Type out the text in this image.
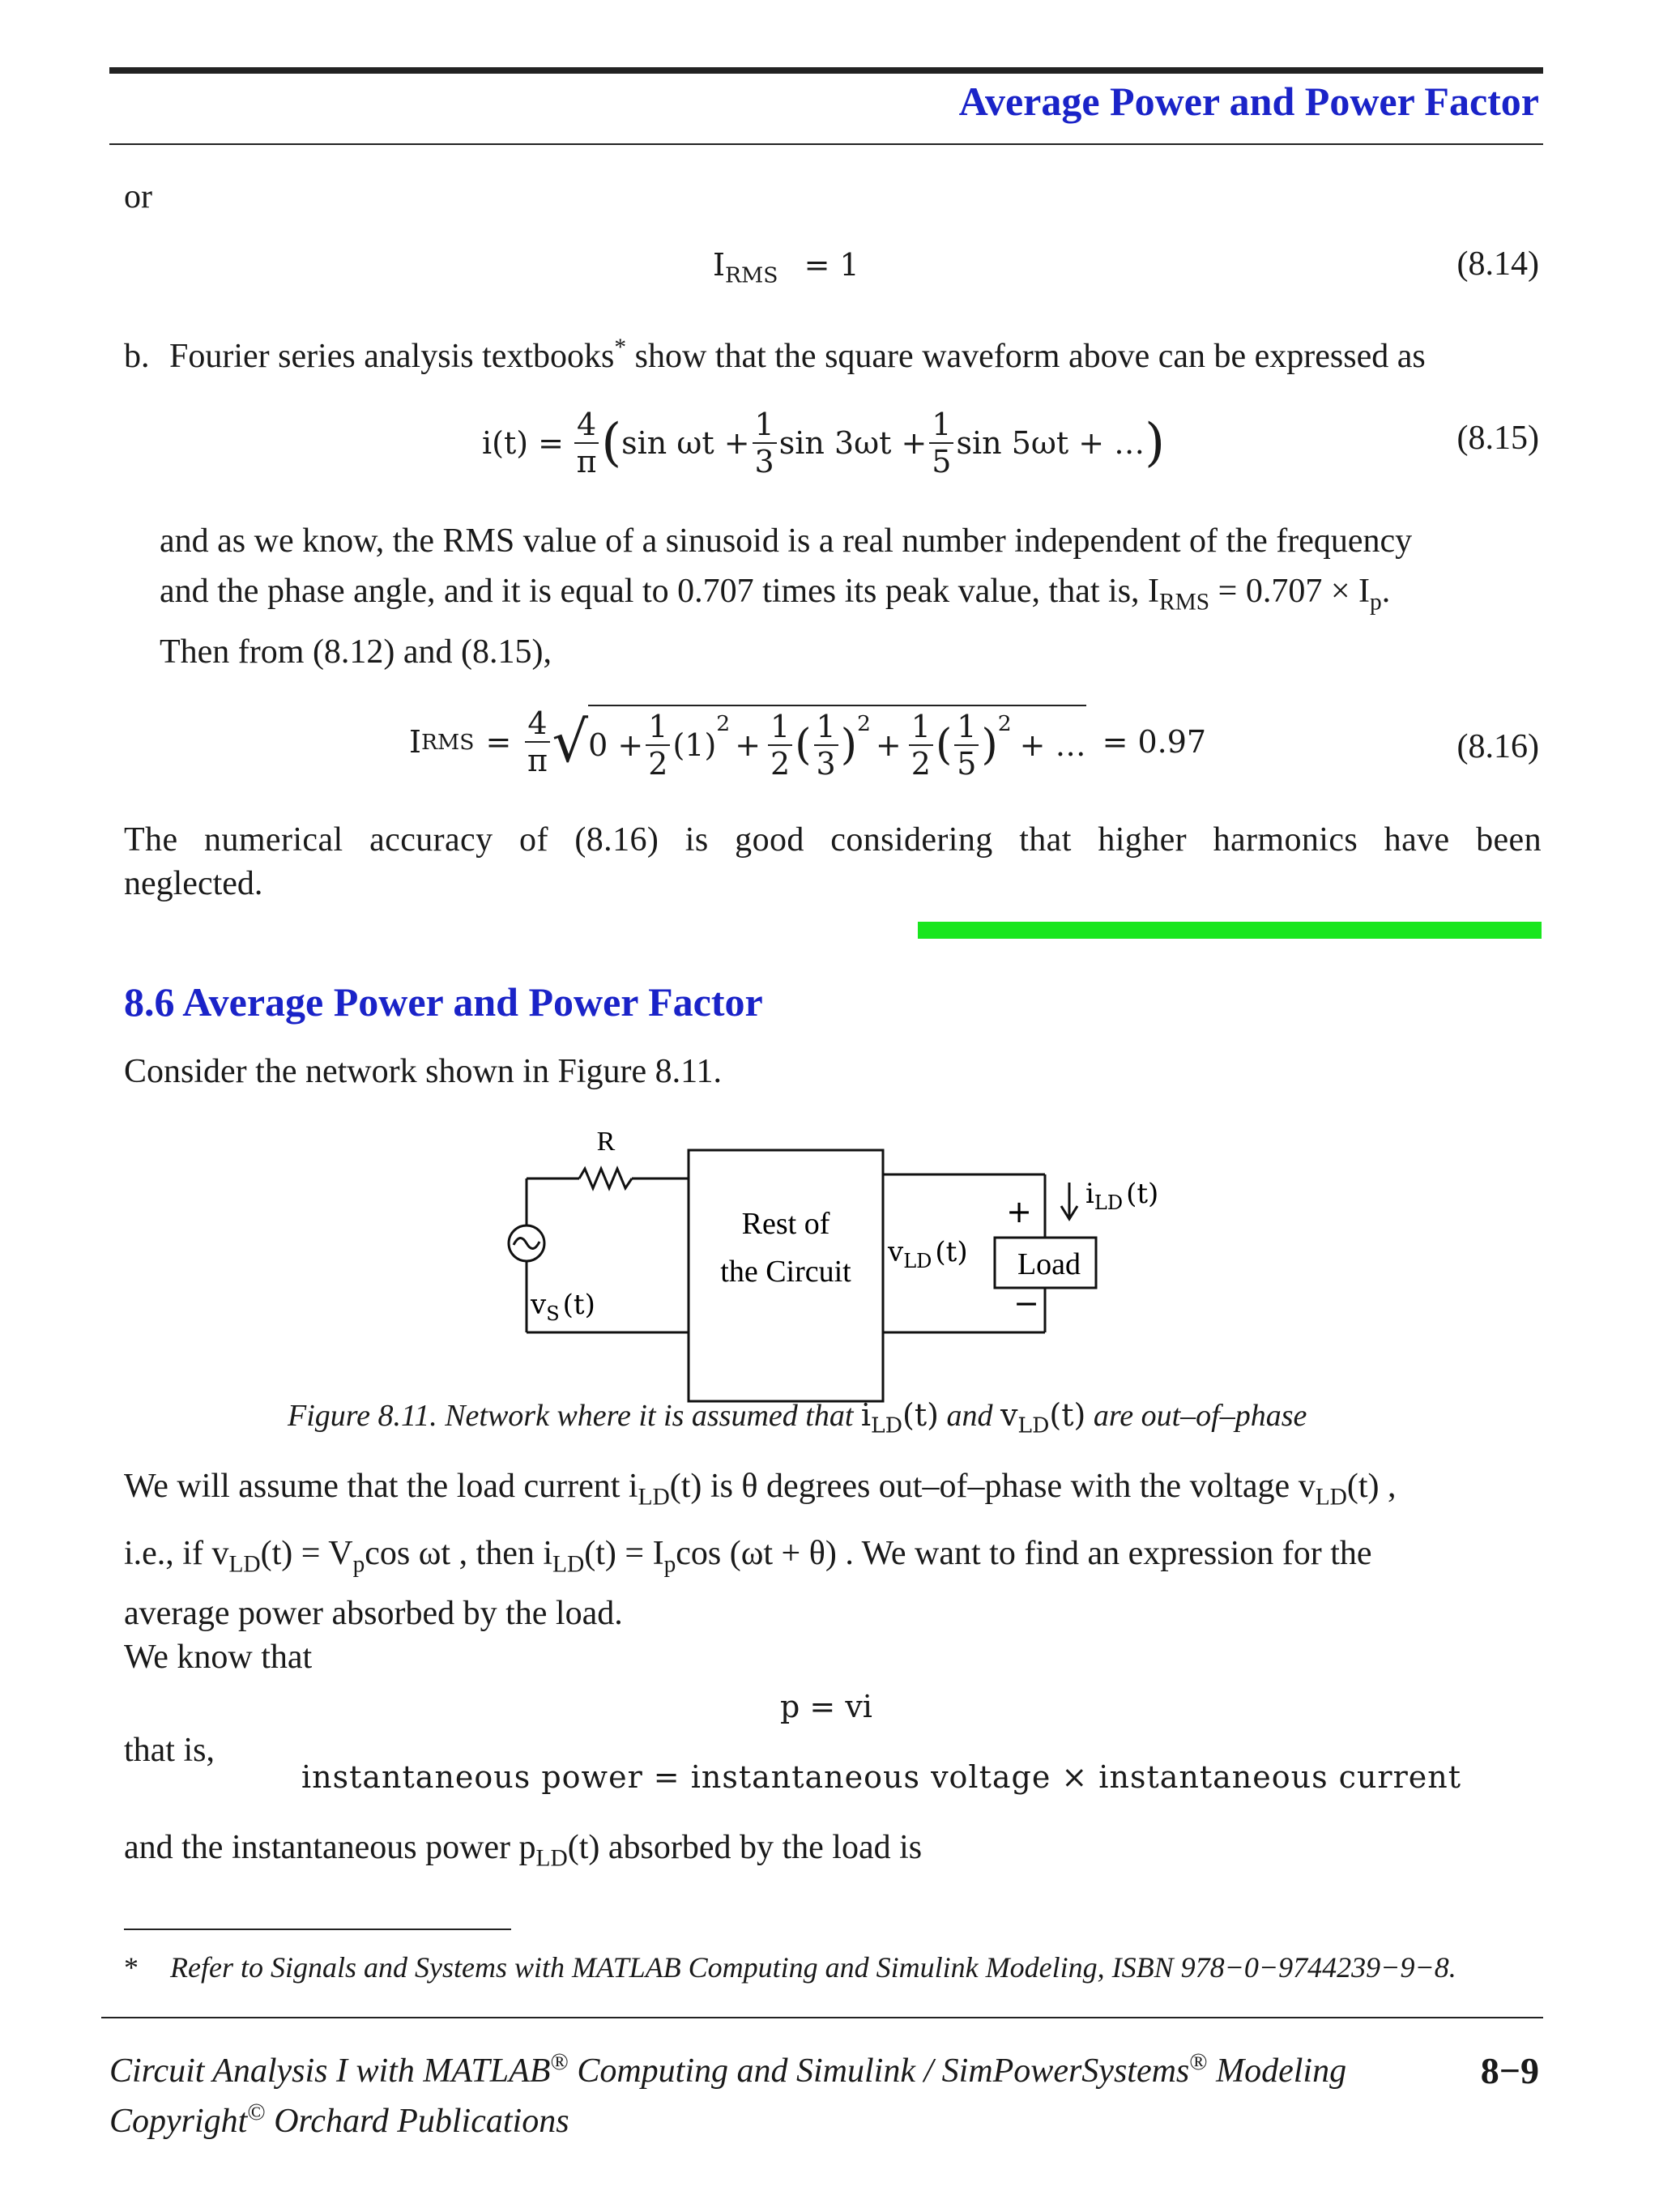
Average Power and Power Factor
or
$I_{RMS} = 1$	(8.14)
b. Fourier series analysis textbooks* show that the square waveform above can be expressed as
$i(t) = \frac{4}{\pi}$ ( $\sin \omega t + \frac{1}{3}$ $\sin 3\omega t + \frac{1}{5}$ sin 5ωt + … )	(8.15)
and as we know, the RMS value of a sinusoid is a real number independent of the frequency
and the phase angle, and it is equal to 0.707 times its peak value, that is, $I_{RMS} = 0.707 \times I_p$.
Then from (8.12) and (8.15),
I RMS = $\frac{4}{\pi}$ √ $0 + \frac{1}{2} (1)$
$^2$
+ $\frac{1}{2}$ ( $\frac{1}{3} )^2$
+ $\frac{1}{2}$ ( $\frac{1}{5} )^2$
+ … = 0.97	(8.16)
The numerical accuracy of (8.16) is good considering that higher harmonics have been
neglected.
8.6 Average Power and Power Factor
Consider the network shown in Figure 8.11.
R
Rest of
the Circuit	Load
+
−
$v_S$ (t)
$v_{LD}$ (t)
$i_{LD}$ (t)
Figure 8.11. Network where it is assumed that $i_{LD}(t)$ and $v_{LD}(t)$ are out–of–phase
We will assume that the load current $i_{LD}(t)$ is θ degrees out–of–phase with the voltage $v_{LD}(t)$ ,
i.e., if $v_{LD}(t) = V_p\cos$ ωt , then $i_{LD}(t) = I_p\cos$ (ωt + θ) . We want to find an expression for the
average power absorbed by the load.
We know that
p = vi
that is,
instantaneous power = instantaneous voltage × instantaneous current
and the instantaneous power $p_{LD}(t)$ absorbed by the load is
* Refer to Signals and Systems with MATLAB Computing and Simulink Modeling, ISBN 978−0−9744239−9−8.
Circuit Analysis I with MATLAB® Computing and Simulink / SimPowerSystems® Modeling	8−9
Copyright© Orchard Publications
